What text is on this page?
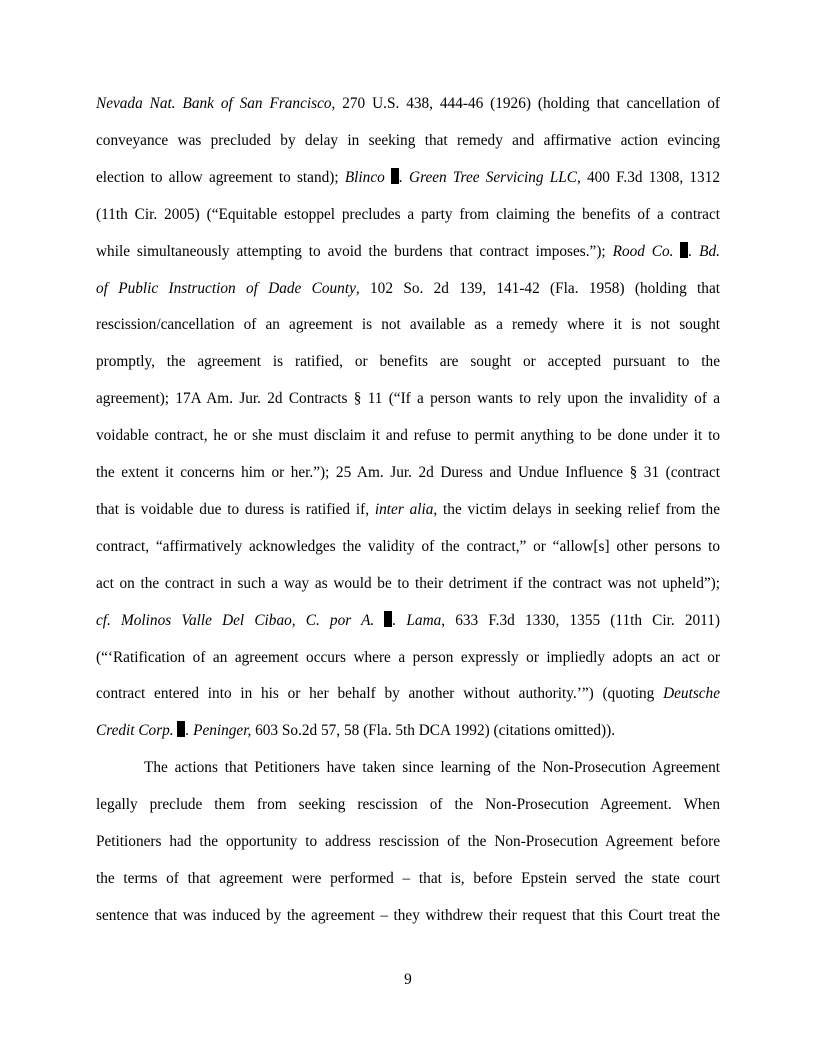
Nevada Nat. Bank of San Francisco, 270 U.S. 438, 444-46 (1926) (holding that cancellation of
conveyance was precluded by delay in seeking that remedy and affirmative action evincing
election to allow agreement to stand); Blinco . Green Tree Servicing LLC, 400 F.3d 1308, 1312
(11th Cir. 2005) (“Equitable estoppel precludes a party from claiming the benefits of a contract
while simultaneously attempting to avoid the burdens that contract imposes.”); Rood Co. . Bd.
of Public Instruction of Dade County, 102 So. 2d 139, 141-42 (Fla. 1958) (holding that
rescission/cancellation of an agreement is not available as a remedy where it is not sought
promptly, the agreement is ratified, or benefits are sought or accepted pursuant to the
agreement); 17A Am. Jur. 2d Contracts § 11 (“If a person wants to rely upon the invalidity of a
voidable contract, he or she must disclaim it and refuse to permit anything to be done under it to
the extent it concerns him or her.”); 25 Am. Jur. 2d Duress and Undue Influence § 31 (contract
that is voidable due to duress is ratified if, inter alia, the victim delays in seeking relief from the
contract, “affirmatively acknowledges the validity of the contract,” or “allow[s] other persons to
act on the contract in such a way as would be to their detriment if the contract was not upheld”);
cf. Molinos Valle Del Cibao, C. por A. . Lama, 633 F.3d 1330, 1355 (11th Cir. 2011)
(“‘Ratification of an agreement occurs where a person expressly or impliedly adopts an act or
contract entered into in his or her behalf by another without authority.’”) (quoting Deutsche
Credit Corp. . Peninger, 603 So.2d 57, 58 (Fla. 5th DCA 1992) (citations omitted)).
The actions that Petitioners have taken since learning of the Non-Prosecution Agreement
legally preclude them from seeking rescission of the Non-Prosecution Agreement. When
Petitioners had the opportunity to address rescission of the Non-Prosecution Agreement before
the terms of that agreement were performed – that is, before Epstein served the state court
sentence that was induced by the agreement – they withdrew their request that this Court treat the
9
